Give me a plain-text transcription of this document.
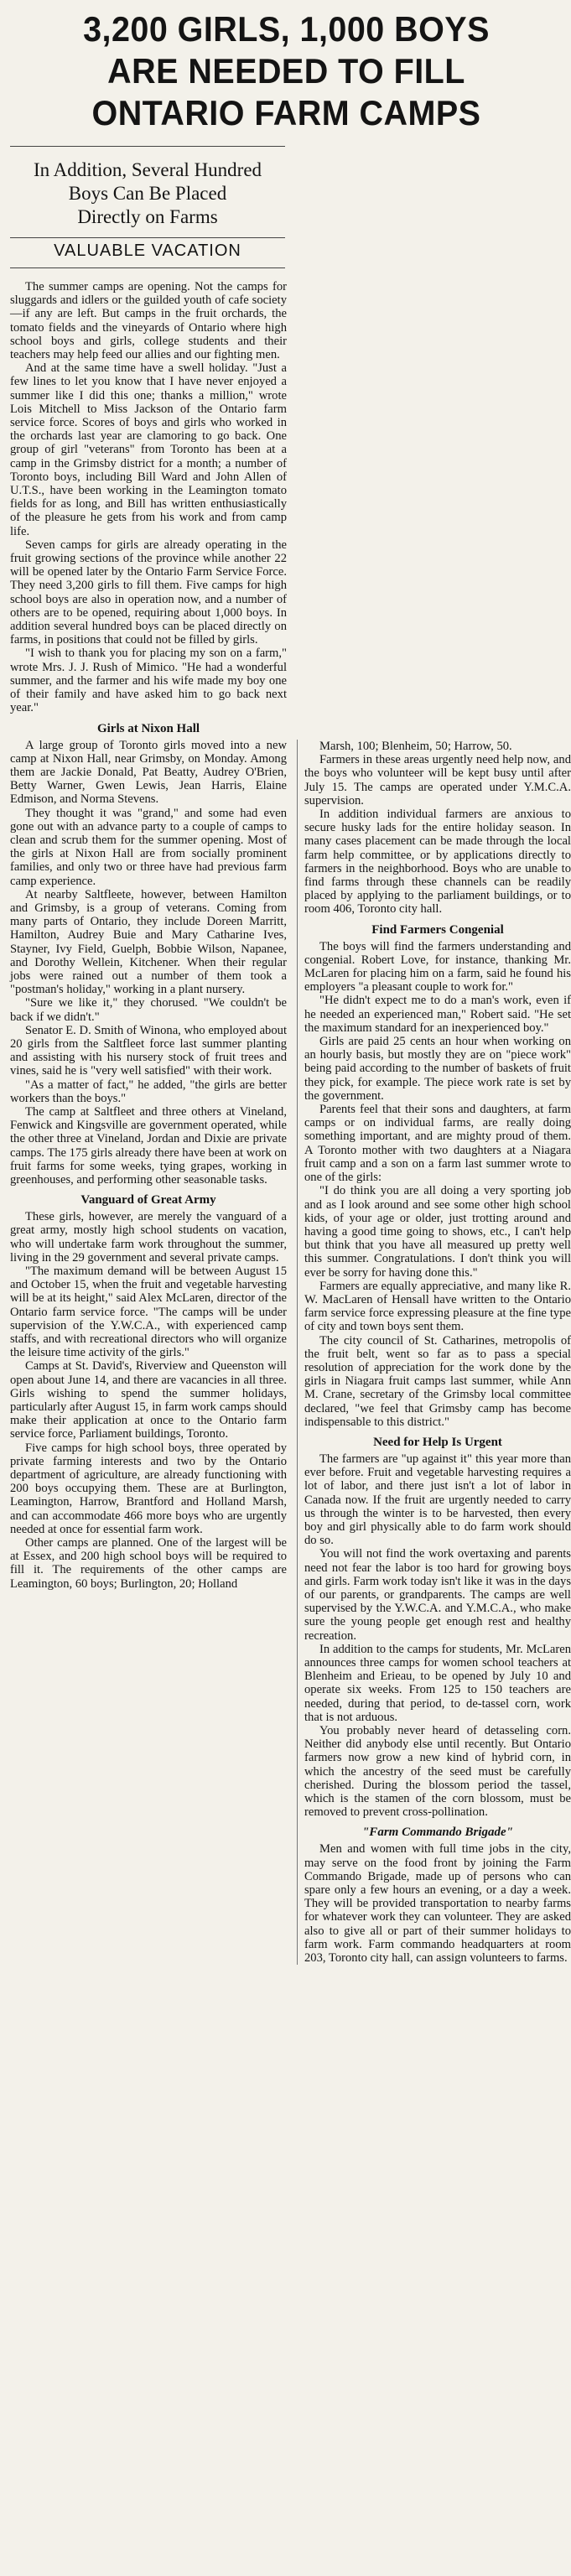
3,200 GIRLS, 1,000 BOYS
ARE NEEDED TO FILL
ONTARIO FARM CAMPS
In Addition, Several Hundred
Boys Can Be Placed
Directly on Farms
VALUABLE VACATION

The summer camps are opening. Not the camps for sluggards and idlers or the guilded youth of cafe society—if any are left. But camps in the fruit orchards, the tomato fields and the vineyards of Ontario where high school boys and girls, college students and their teachers may help feed our allies and our fighting men.

And at the same time have a swell holiday. "Just a few lines to let you know that I have never enjoyed a summer like I did this one; thanks a million," wrote Lois Mitchell to Miss Jackson of the Ontario farm service force. Scores of boys and girls who worked in the orchards last year are clamoring to go back. One group of girl "veterans" from Toronto has been at a camp in the Grimsby district for a month; a number of Toronto boys, including Bill Ward and John Allen of U.T.S., have been working in the Leamington tomato fields for as long, and Bill has written enthusiastically of the pleasure he gets from his work and from camp life.

Seven camps for girls are already operating in the fruit growing sections of the province while another 22 will be opened later by the Ontario Farm Service Force. They need 3,200 girls to fill them. Five camps for high school boys are also in operation now, and a number of others are to be opened, requiring about 1,000 boys. In addition several hundred boys can be placed directly on farms, in positions that could not be filled by girls.

"I wish to thank you for placing my son on a farm," wrote Mrs. J. J. Rush of Mimico. "He had a wonderful summer, and the farmer and his wife made my boy one of their family and have asked him to go back next year."

Girls at Nixon Hall

A large group of Toronto girls moved into a new camp at Nixon Hall, near Grimsby, on Monday. Among them are Jackie Donald, Pat Beatty, Audrey O'Brien, Betty Warner, Gwen Lewis, Jean Harris, Elaine Edmison, and Norma Stevens.

They thought it was "grand," and some had even gone out with an advance party to a couple of camps to clean and scrub them for the summer opening. Most of the girls at Nixon Hall are from socially prominent families, and only two or three have had previous farm camp experience.

At nearby Saltfleete, however, between Hamilton and Grimsby, is a group of veterans. Coming from many parts of Ontario, they include Doreen Marritt, Hamilton, Audrey Buie and Mary Catharine Ives, Stayner, Ivy Field, Guelph, Bobbie Wilson, Napanee, and Dorothy Wellein, Kitchener. When their regular jobs were rained out a number of them took a "postman's holiday," working in a plant nursery.

"Sure we like it," they chorused. "We couldn't be back if we didn't."

Senator E. D. Smith of Winona, who employed about 20 girls from the Saltfleet force last summer planting and assisting with his nursery stock of fruit trees and vines, said he is "very well satisfied" with their work.

"As a matter of fact," he added, "the girls are better workers than the boys."

The camp at Saltfleet and three others at Vineland, Fenwick and Kingsville are government operated, while the other three at Vineland, Jordan and Dixie are private camps. The 175 girls already there have been at work on fruit farms for some weeks, tying grapes, working in greenhouses, and performing other seasonable tasks.

Vanguard of Great Army

These girls, however, are merely the vanguard of a great army, mostly high school students on vacation, who will undertake farm work throughout the summer, living in the 29 government and several private camps.

"The maximum demand will be between August 15 and October 15, when the fruit and vegetable harvesting will be at its height," said Alex McLaren, director of the Ontario farm service force. "The camps will be under supervision of the Y.W.C.A., with experienced camp staffs, and with recreational directors who will organize the leisure time activity of the girls."

Camps at St. David's, Riverview and Queenston will open about June 14, and there are vacancies in all three. Girls wishing to spend the summer holidays, particularly after August 15, in farm work camps should make their application at once to the Ontario farm service force, Parliament buildings, Toronto.

Five camps for high school boys, three operated by private farming interests and two by the Ontario department of agriculture, are already functioning with 200 boys occupying them. These are at Burlington, Leamington, Harrow, Brantford and Holland Marsh, and can accommodate 466 more boys who are urgently needed at once for essential farm work.

Other camps are planned. One of the largest will be at Essex, and 200 high school boys will be required to fill it. The requirements of the other camps are Leamington, 60 boys; Burlington, 20; Holland

Marsh, 100; Blenheim, 50; Harrow, 50.

Farmers in these areas urgently need help now, and the boys who volunteer will be kept busy until after July 15. The camps are operated under Y.M.C.A. supervision.

In addition individual farmers are anxious to secure husky lads for the entire holiday season. In many cases placement can be made through the local farm help committee, or by applications directly to farmers in the neighborhood. Boys who are unable to find farms through these channels can be readily placed by applying to the parliament buildings, or to room 406, Toronto city hall.

Find Farmers Congenial

The boys will find the farmers understanding and congenial. Robert Love, for instance, thanking Mr. McLaren for placing him on a farm, said he found his employers "a pleasant couple to work for."

"He didn't expect me to do a man's work, even if he needed an experienced man," Robert said. "He set the maximum standard for an inexperienced boy."

Girls are paid 25 cents an hour when working on an hourly basis, but mostly they are on "piece work" being paid according to the number of baskets of fruit they pick, for example. The piece work rate is set by the government.

Parents feel that their sons and daughters, at farm camps or on individual farms, are really doing something important, and are mighty proud of them. A Toronto mother with two daughters at a Niagara fruit camp and a son on a farm last summer wrote to one of the girls:

"I do think you are all doing a very sporting job and as I look around and see some other high school kids, of your age or older, just trotting around and having a good time going to shows, etc., I can't help but think that you have all measured up pretty well this summer. Congratulations. I don't think you will ever be sorry for having done this."

Farmers are equally appreciative, and many like R. W. MacLaren of Hensall have written to the Ontario farm service force expressing pleasure at the fine type of city and town boys sent them.

The city council of St. Catharines, metropolis of the fruit belt, went so far as to pass a special resolution of appreciation for the work done by the girls in Niagara fruit camps last summer, while Ann M. Crane, secretary of the Grimsby local committee declared, "we feel that Grimsby camp has become indispensable to this district."

Need for Help Is Urgent

The farmers are "up against it" this year more than ever before. Fruit and vegetable harvesting requires a lot of labor, and there just isn't a lot of labor in Canada now. If the fruit are urgently needed to carry us through the winter is to be harvested, then every boy and girl physically able to do farm work should do so.

You will not find the work overtaxing and parents need not fear the labor is too hard for growing boys and girls. Farm work today isn't like it was in the days of our parents, or grandparents. The camps are well supervised by the Y.W.C.A. and Y.M.C.A., who make sure the young people get enough rest and healthy recreation.

In addition to the camps for students, Mr. McLaren announces three camps for women school teachers at Blenheim and Erieau, to be opened by July 10 and operate six weeks. From 125 to 150 teachers are needed, during that period, to de-tassel corn, work that is not arduous.

You probably never heard of detasseling corn. Neither did anybody else until recently. But Ontario farmers now grow a new kind of hybrid corn, in which the ancestry of the seed must be carefully cherished. During the blossom period the tassel, which is the stamen of the corn blossom, must be removed to prevent cross-pollination.

"Farm Commando Brigade"

Men and women with full time jobs in the city, may serve on the food front by joining the Farm Commando Brigade, made up of persons who can spare only a few hours an evening, or a day a week. They will be provided transportation to nearby farms for whatever work they can volunteer. They are asked also to give all or part of their summer holidays to farm work. Farm commando headquarters at room 203, Toronto city hall, can assign volunteers to farms.
